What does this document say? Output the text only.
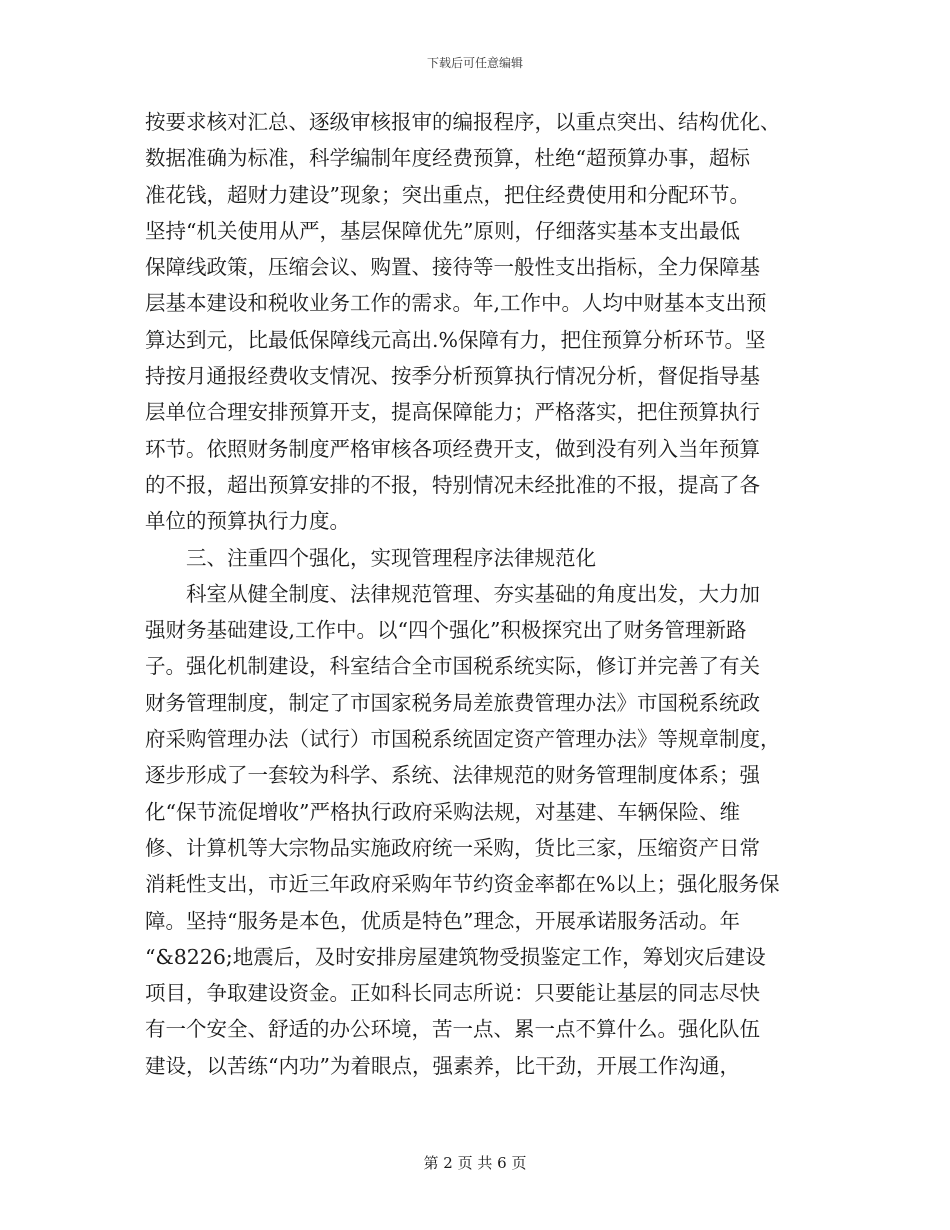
下载后可任意编辑
按要求核对汇总、逐级审核报审的编报程序，以重点突出、结构优化、
数据准确为标准，科学编制年度经费预算，杜绝“超预算办事，超标
准花钱，超财力建设”现象；突出重点，把住经费使用和分配环节。
坚持“机关使用从严，基层保障优先”原则，仔细落实基本支出最低
保障线政策，压缩会议、购置、接待等一般性支出指标，全力保障基
层基本建设和税收业务工作的需求。年,工作中。人均中财基本支出预
算达到元，比最低保障线元高出.%保障有力，把住预算分析环节。坚
持按月通报经费收支情况、按季分析预算执行情况分析，督促指导基
层单位合理安排预算开支，提高保障能力；严格落实，把住预算执行
环节。依照财务制度严格审核各项经费开支，做到没有列入当年预算
的不报，超出预算安排的不报，特别情况未经批准的不报，提高了各
单位的预算执行力度。
三、注重四个强化，实现管理程序法律规范化
科室从健全制度、法律规范管理、夯实基础的角度出发，大力加
强财务基础建设,工作中。以“四个强化”积极探究出了财务管理新路
子。强化机制建设，科室结合全市国税系统实际，修订并完善了有关
财务管理制度，制定了市国家税务局差旅费管理办法》市国税系统政
府采购管理办法（试行）市国税系统固定资产管理办法》等规章制度，
逐步形成了一套较为科学、系统、法律规范的财务管理制度体系；强
化“保节流促增收”严格执行政府采购法规，对基建、车辆保险、维
修、计算机等大宗物品实施政府统一采购，货比三家，压缩资产日常
消耗性支出，市近三年政府采购年节约资金率都在%以上；强化服务保
障。坚持“服务是本色，优质是特色”理念，开展承诺服务活动。年
“&8226;地震后，及时安排房屋建筑物受损鉴定工作，筹划灾后建设
项目，争取建设资金。正如科长同志所说：只要能让基层的同志尽快
有一个安全、舒适的办公环境，苦一点、累一点不算什么。强化队伍
建设，以苦练“内功”为着眼点，强素养，比干劲，开展工作沟通，
第 2 页 共 6 页
